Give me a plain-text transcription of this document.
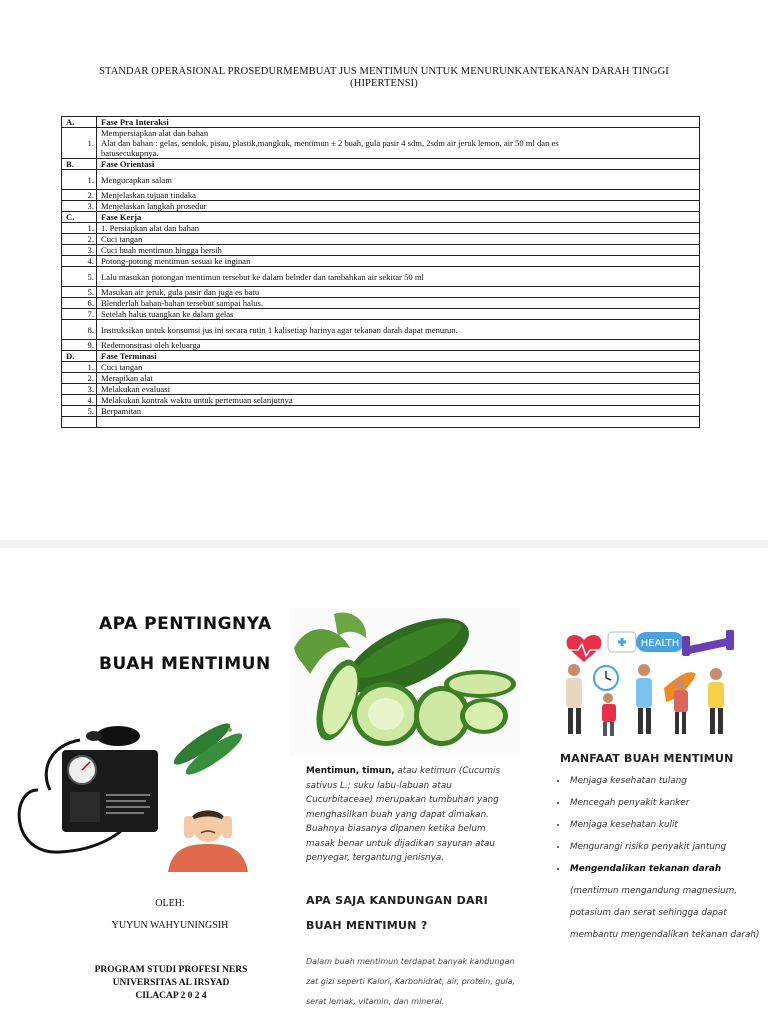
STANDAR OPERASIONAL PROSEDURMEMBUAT JUS MENTIMUN UNTUK MENURUNKANTEKANAN DARAH TINGGI
(HIPERTENSI)
A.	Fase Pra Interaksi
1.	Mempersiapkan alat dan bahan
Alat dan bahan : gelas, sendok, pisau, plastik,mangkuk, mentimun ± 2 buah, gula pasir 4 sdm, 2sdm air jeruk lemon, air 50 ml dan es
batusecukupnya.

B.	Fase Orientasi
1.	Mengucapkan salam

2.	Menjelaskan tujuan tindaka

3.	Menjelaskan langkah prosedur

C.	Fase Kerja
1.	1. Persiapkan alat dan bahan

2.	Cuci tangan

3.	Cuci buah mentimun hingga bersih

4.	Potong-potong mentimun sesuai ke inginan

5.	Lalu masukan potongan mentimun tersebut ke dalam belnder dan tambahkan air sekitar 50 ml

5.	Masukan air jeruk, gula pasir dan juga es batu

6.	Blenderlah bahan-bahan tersebut sampai halus.

7.	Setelah halus tuangkan ke dalam gelas

8.	Instruksikan untuk konsumsi jus ini secara rutin 1 kalisetiap harinya agar tekanan darah dapat menurun.

9.	Redemonstrasi oleh keluarga

D.	Fase Terminasi
1.	Cuci tangan

2.	Merapikan alat

3.	Melakukan evaluasi

4.	Melakukan kontrak waktu untuk pertemuan selanjutnya

5.	Berpamitan

APA PENTINGNYA
BUAH MENTIMUN
OLEH:
YUYUN WAHYUNINGSIH
PROGRAM STUDI PROFESI NERS
UNIVERSITAS AL IRSYAD
CILACAP 2 0 2 4
Mentimun, timun, atau ketimun (Cucumis sativus L.; suku labu-labuan atau Cucurbitaceae) merupakan tumbuhan yang menghasilkan buah yang dapat dimakan. Buahnya biasanya dipanen ketika belum masak benar untuk dijadikan sayuran atau penyegar, tergantung jenisnya.
APA SAJA KANDUNGAN DARI BUAH MENTIMUN ?
Dalam buah mentimun terdapat banyak kandungan zat gizi seperti Kalori, Karbohidrat, air, protein, gula, serat lemak, vitamin, dan mineral.
HEALTH
MANFAAT BUAH MENTIMUN
• Menjaga kesehatan tulang
• Mencegah penyakit kanker
• Menjaga kesehatan kulit
• Mengurangi risiko penyakit jantung
• Mengendalikan tekanan darah
(mentimun mengandung magnesium, potasium dan serat sehingga dapat membantu mengendalikan tekanan darah)
